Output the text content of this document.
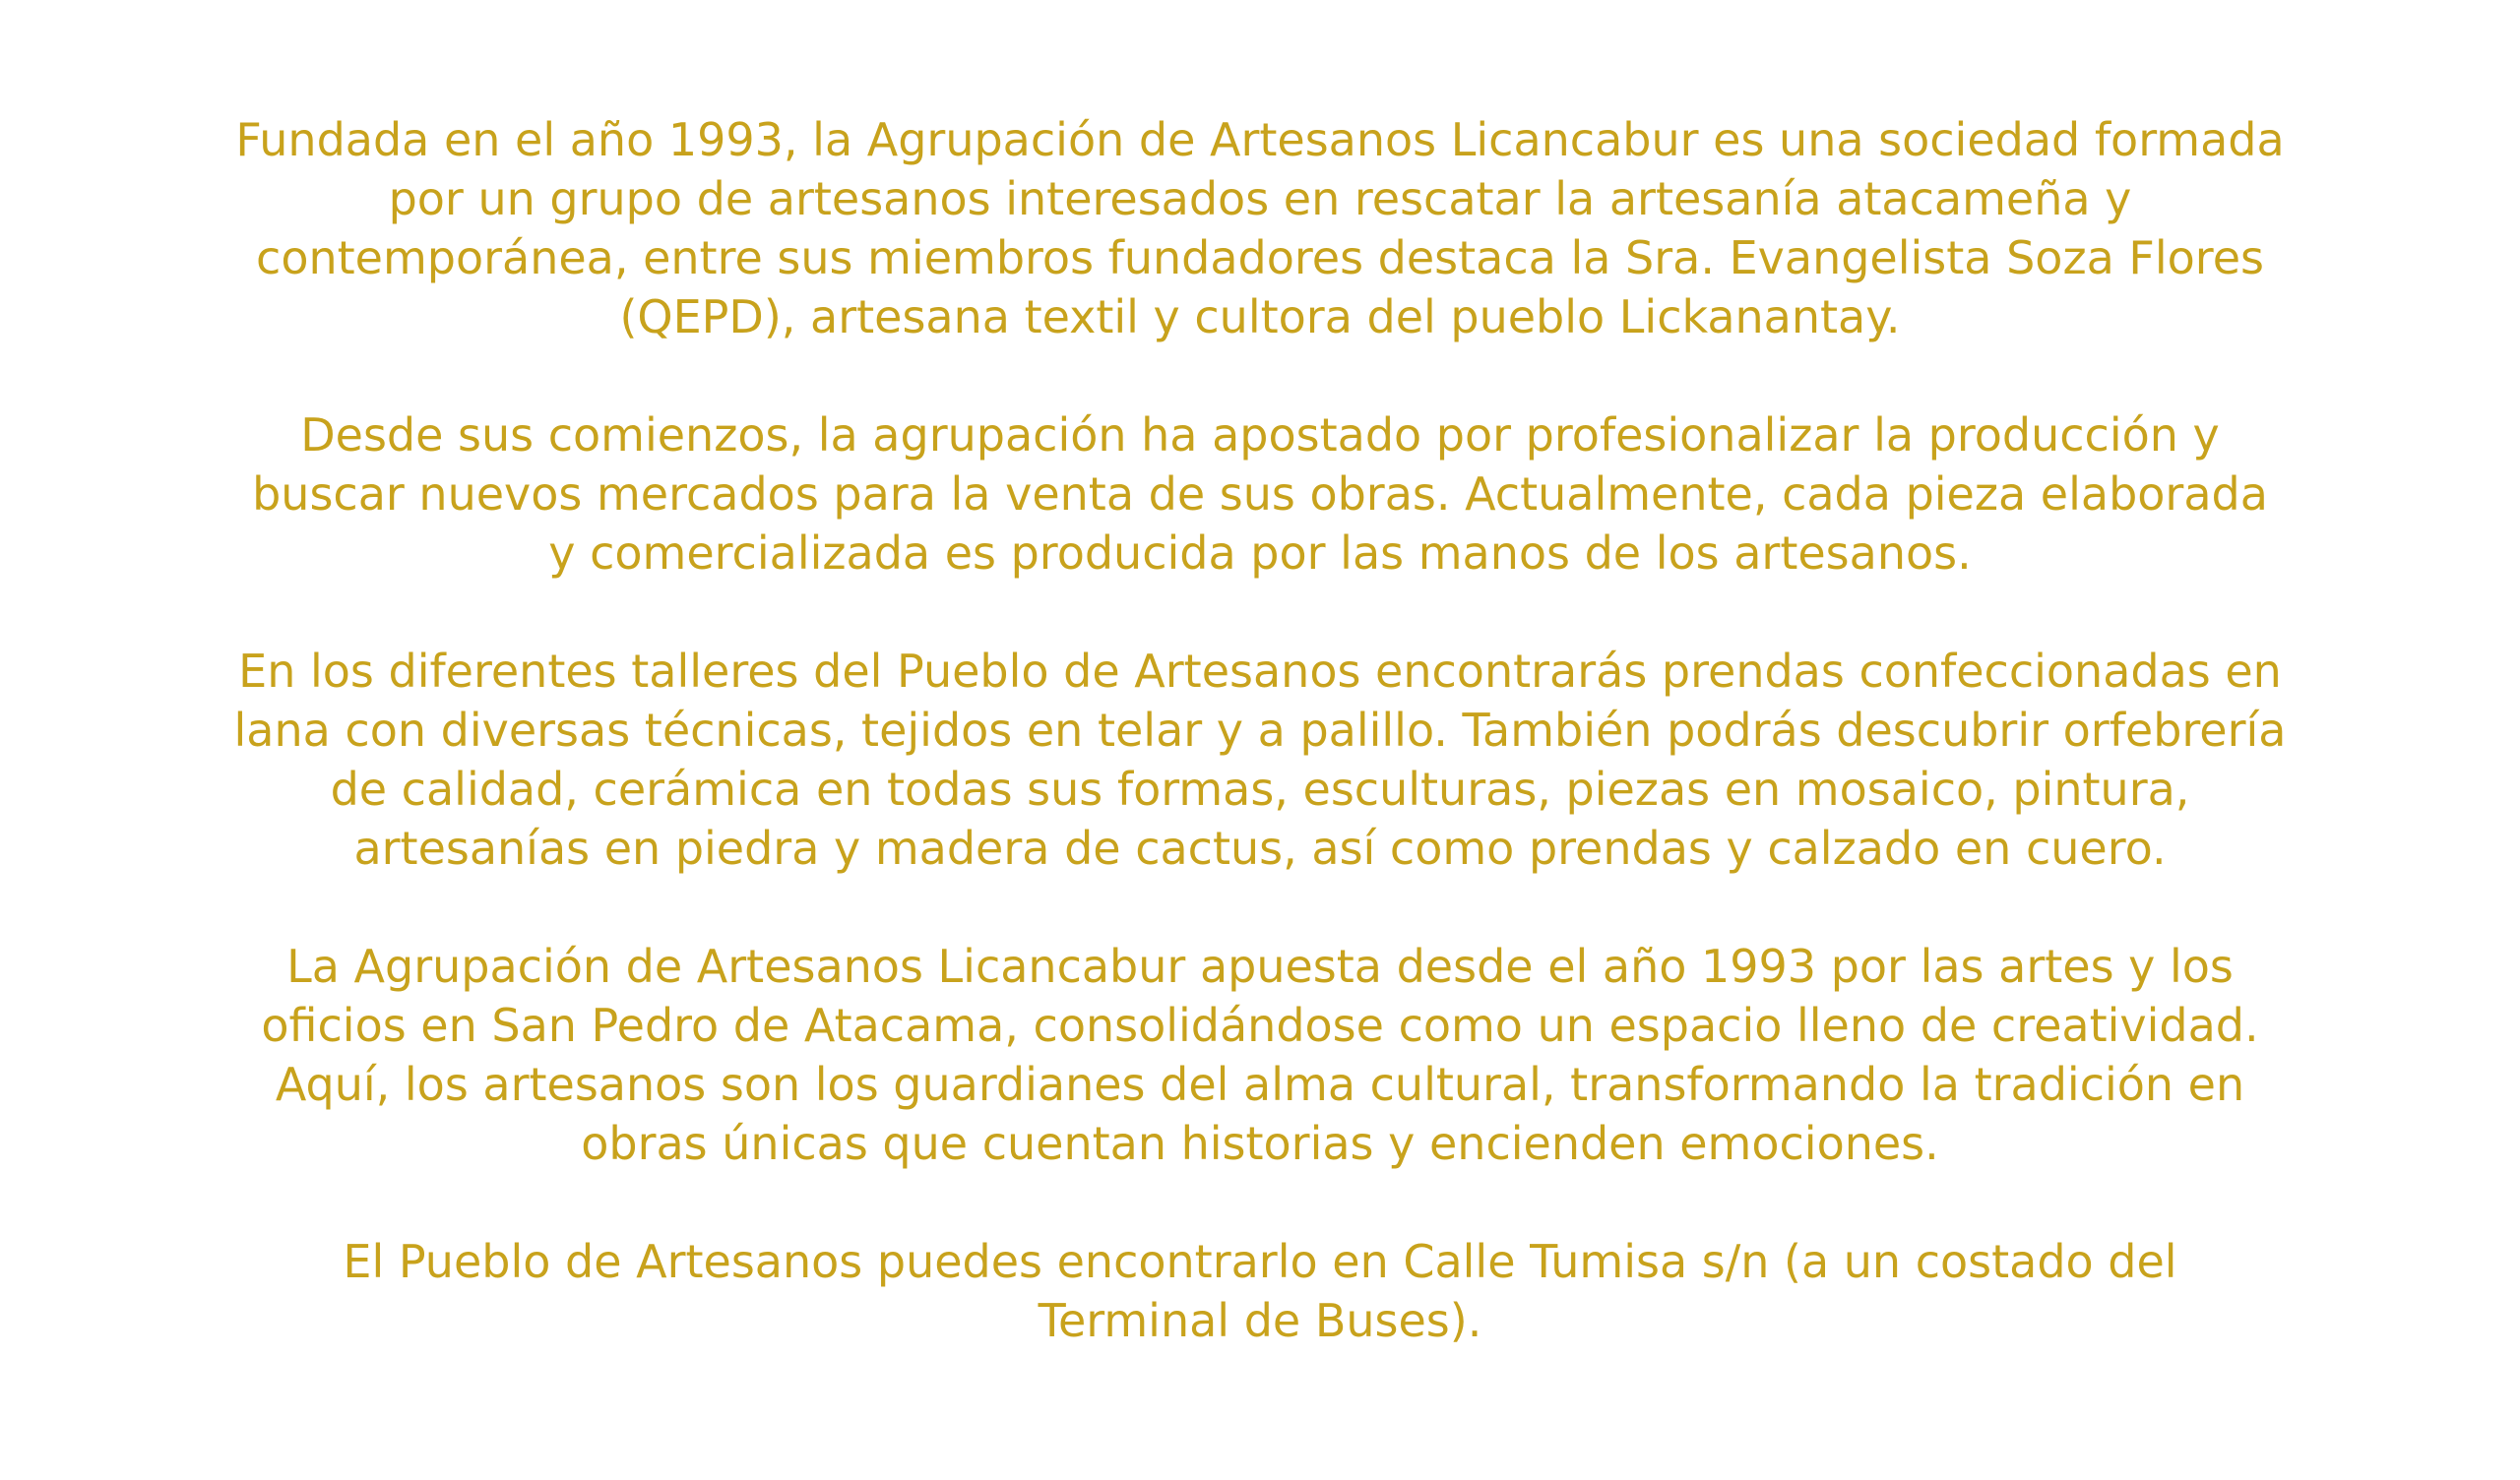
Fundada en el año 1993, la Agrupación de Artesanos Licancabur es una sociedad formada
por un grupo de artesanos interesados en rescatar la artesanía atacameña y
contemporánea, entre sus miembros fundadores destaca la Sra. Evangelista Soza Flores
(QEPD), artesana textil y cultora del pueblo Lickanantay.

Desde sus comienzos, la agrupación ha apostado por profesionalizar la producción y
buscar nuevos mercados para la venta de sus obras. Actualmente, cada pieza elaborada
y comercializada es producida por las manos de los artesanos.

En los diferentes talleres del Pueblo de Artesanos encontrarás prendas confeccionadas en
lana con diversas técnicas, tejidos en telar y a palillo. También podrás descubrir orfebrería
de calidad, cerámica en todas sus formas, esculturas, piezas en mosaico, pintura,
artesanías en piedra y madera de cactus, así como prendas y calzado en cuero.

La Agrupación de Artesanos Licancabur apuesta desde el año 1993 por las artes y los
oficios en San Pedro de Atacama, consolidándose como un espacio lleno de creatividad.
Aquí, los artesanos son los guardianes del alma cultural, transformando la tradición en
obras únicas que cuentan historias y encienden emociones.

El Pueblo de Artesanos puedes encontrarlo en Calle Tumisa s/n (a un costado del
Terminal de Buses).
